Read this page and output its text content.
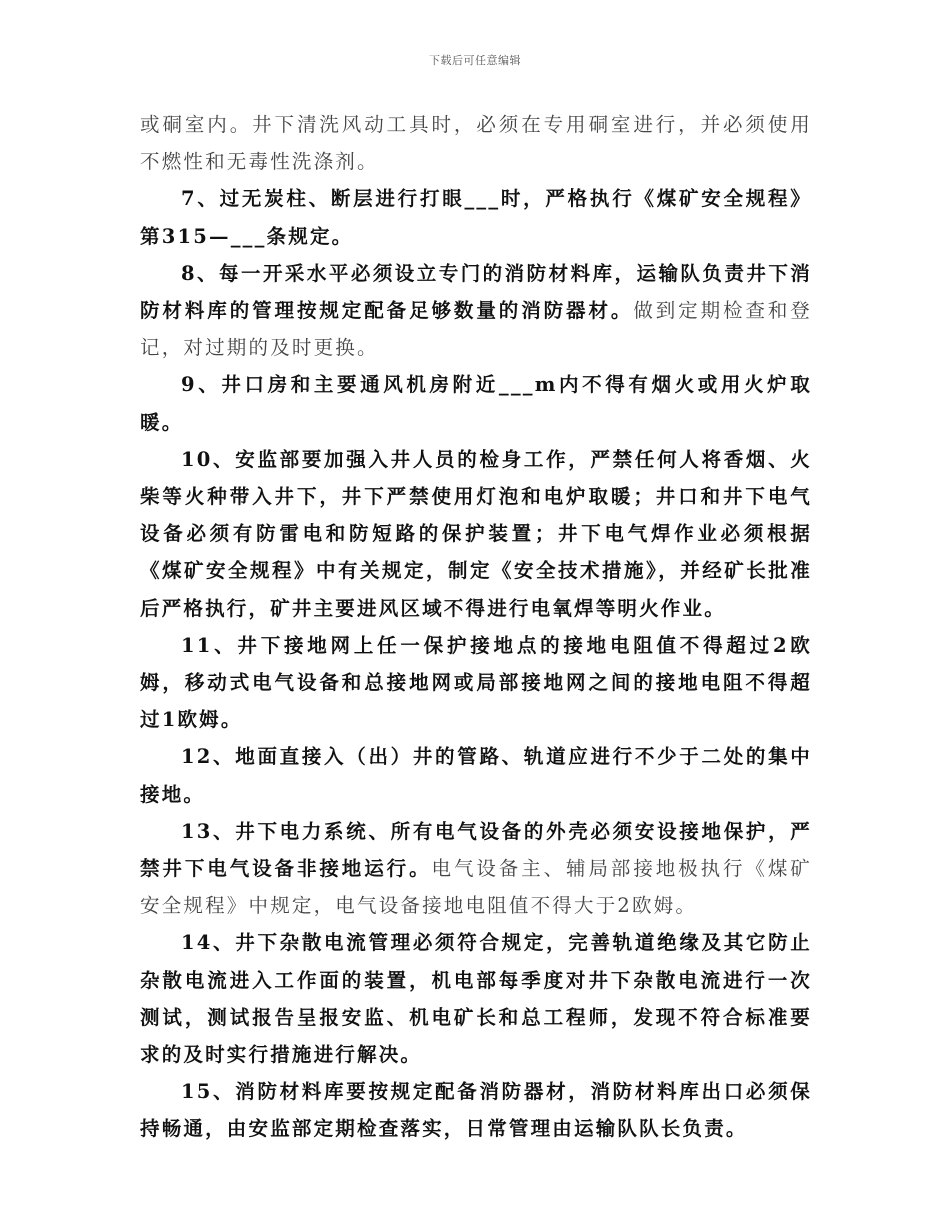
下载后可任意编辑

或硐室内。井下清洗风动工具时，必须在专用硐室进行，并必须使用不燃性和无毒性洗涤剂。

7、过无炭柱、断层进行打眼___时，严格执行《煤矿安全规程》第315—___条规定。

8、每一开采水平必须设立专门的消防材料库，运输队负责井下消防材料库的管理按规定配备足够数量的消防器材。做到定期检查和登记，对过期的及时更换。

9、井口房和主要通风机房附近___m内不得有烟火或用火炉取暖。

10、安监部要加强入井人员的检身工作，严禁任何人将香烟、火柴等火种带入井下，井下严禁使用灯泡和电炉取暖；井口和井下电气设备必须有防雷电和防短路的保护装置；井下电气焊作业必须根据《煤矿安全规程》中有关规定，制定《安全技术措施》，并经矿长批准后严格执行，矿井主要进风区域不得进行电氧焊等明火作业。

11、井下接地网上任一保护接地点的接地电阻值不得超过2欧姆，移动式电气设备和总接地网或局部接地网之间的接地电阻不得超过1欧姆。

12、地面直接入（出）井的管路、轨道应进行不少于二处的集中接地。

13、井下电力系统、所有电气设备的外壳必须安设接地保护，严禁井下电气设备非接地运行。电气设备主、辅局部接地极执行《煤矿安全规程》中规定，电气设备接地电阻值不得大于2欧姆。

14、井下杂散电流管理必须符合规定，完善轨道绝缘及其它防止杂散电流进入工作面的装置，机电部每季度对井下杂散电流进行一次测试，测试报告呈报安监、机电矿长和总工程师，发现不符合标准要求的及时实行措施进行解决。

15、消防材料库要按规定配备消防器材，消防材料库出口必须保持畅通，由安监部定期检查落实，日常管理由运输队队长负责。
